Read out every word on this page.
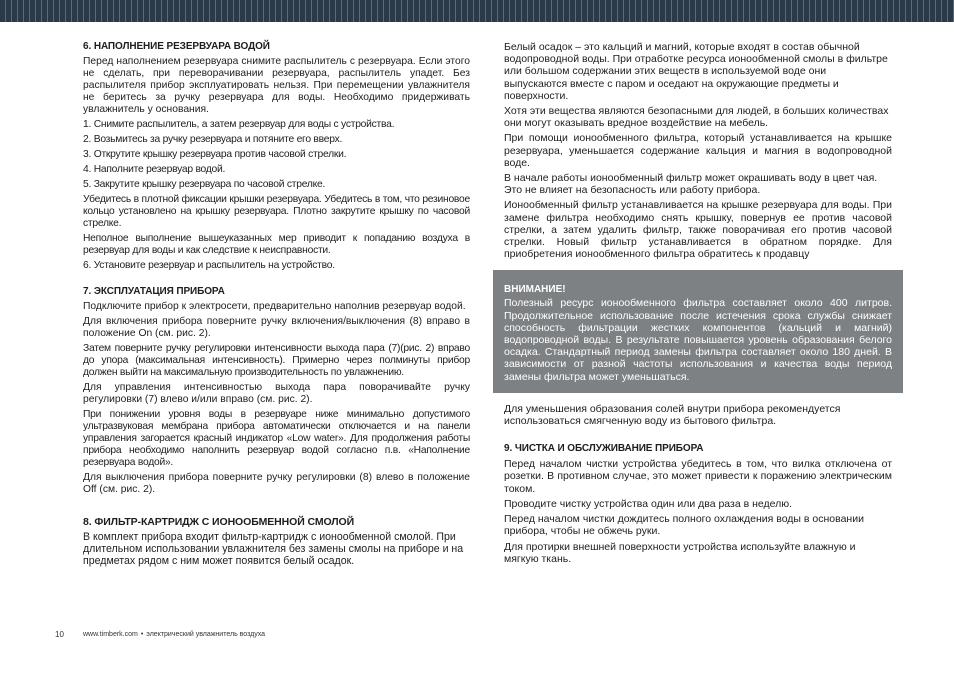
6. НАПОЛНЕНИЕ РЕЗЕРВУАРА ВОДОЙ

Перед наполнением резервуара снимите распылитель с резервуара. Если этого не сделать, при переворачивании резервуара, распылитель упадет. Без распылителя прибор эксплуатировать нельзя. При перемещении увлажнителя не беритесь за ручку резервуара для воды. Необходимо придерживать увлажнитель у основания.

1. Снимите распылитель, а затем резервуар для воды с устройства.

2. Возьмитесь за ручку резервуара и потяните его вверх.

3. Открутите крышку резервуара против часовой стрелки.

4. Наполните резервуар водой.

5. Закрутите крышку резервуара по часовой стрелке.

Убедитесь в плотной фиксации крышки резервуара. Убедитесь в том, что резиновое кольцо установлено на крышку резервуара. Плотно закрутите крышку по часовой стрелке.

Неполное выполнение вышеуказанных мер приводит к попаданию воздуха в резервуар для воды и как следствие к неисправности.

6. Установите резервуар и распылитель на устройство.

7. ЭКСПЛУАТАЦИЯ ПРИБОРА

Подключите прибор к электросети, предварительно наполнив резервуар водой.

Для включения прибора поверните ручку включения/выключения (8) вправо в положение On (см. рис. 2).

Затем поверните ручку регулировки интенсивности выхода пара (7)(рис. 2) вправо до упора (максимальная интенсивность). Примерно через полминуты прибор должен выйти на максимальную производительность по увлажнению.

Для управления интенсивностью выхода пара поворачивайте ручку регулировки (7) влево и/или вправо (см. рис. 2).

При понижении уровня воды в резервуаре ниже минимально допустимого ультразвуковая мембрана прибора автоматически отключается и на панели управления загорается красный индикатор «Low water». Для продолжения работы прибора необходимо наполнить резервуар водой согласно п.в. «Наполнение резервуара водой».

Для выключения прибора поверните ручку регулировки (8) влево в положение Off (см. рис. 2).

8. ФИЛЬТР-КАРТРИДЖ С ИОНООБМЕННОЙ СМОЛОЙ

В комплект прибора входит фильтр-картридж с ионообменной смолой. При длительном использовании увлажнителя без замены смолы на приборе и на предметах рядом с ним может появится белый осадок.

Белый осадок – это кальций и магний, которые входят в состав обычной водопроводной воды. При отработке ресурса ионообменной смолы в фильтре или большом содержании этих веществ в используемой воде они выпускаются вместе с паром и оседают на окружающие предметы и поверхности.

Хотя эти вещества являются безопасными для людей, в больших количествах они могут оказывать вредное воздействие на мебель.

При помощи ионообменного фильтра, который устанавливается на крышке резервуара, уменьшается содержание кальция и магния в водопроводной воде.

В начале работы ионообменный фильтр может окрашивать воду в цвет чая. Это не влияет на безопасность или работу прибора.

Ионообменный фильтр устанавливается на крышке резервуара для воды. При замене фильтра необходимо снять крышку, повернув ее против часовой стрелки, а затем удалить фильтр, также поворачивая его против часовой стрелки. Новый фильтр устанавливается в обратном порядке. Для приобретения ионообменного фильтра обратитесь к продавцу

ВНИМАНИЕ!

Полезный ресурс ионообменного фильтра составляет около 400 литров. Продолжительное использование после истечения срока службы снижает способность фильтрации жестких компонентов (кальций и магний) водопроводной воды. В результате повышается уровень образования белого осадка. Стандартный период замены фильтра составляет около 180 дней. В зависимости от разной частоты использования и качества воды период замены фильтра может уменьшаться.

Для уменьшения образования солей внутри прибора рекомендуется использоваться смягченную воду из бытового фильтра.

9. ЧИСТКА И ОБСЛУЖИВАНИЕ ПРИБОРА

Перед началом чистки устройства убедитесь в том, что вилка отключена от розетки. В противном случае, это может привести к поражению электрическим током.

Проводите чистку устройства один или два раза в неделю.

Перед началом чистки дождитесь полного охлаждения воды в основании прибора, чтобы не обжечь руки.

Для протирки внешней поверхности устройства используйте влажную и мягкую ткань.

10	www.timberk.com • электрический увлажнитель воздуха
